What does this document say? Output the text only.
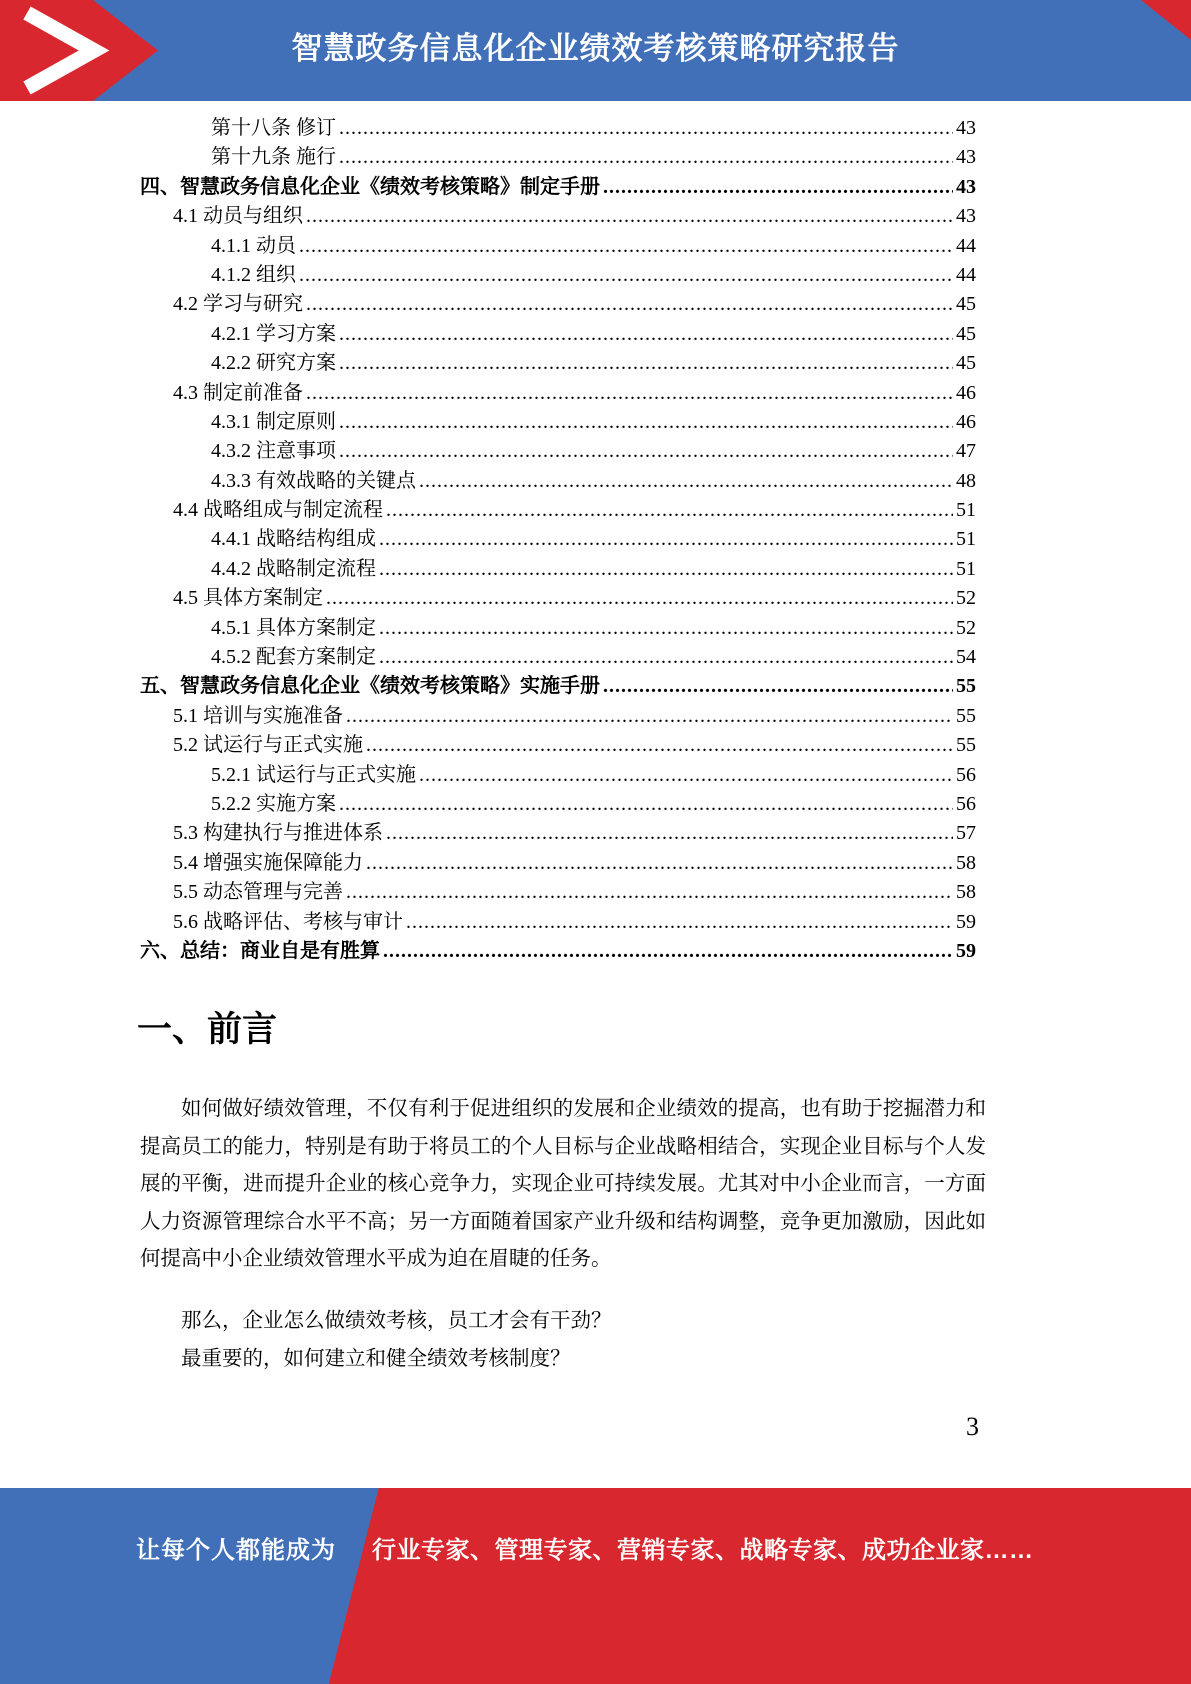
智慧政务信息化企业绩效考核策略研究报告
第十八条 修订 .....	43
第十九条 施行 .....	43
四、智慧政务信息化企业《绩效考核策略》制定手册 .....	43
4.1 动员与组织 .....	43
4.1.1 动员 .....	44
4.1.2 组织 .....	44
4.2 学习与研究 .....	45
4.2.1 学习方案 .....	45
4.2.2 研究方案 .....	45
4.3 制定前准备 .....	46
4.3.1 制定原则 .....	46
4.3.2 注意事项 .....	47
4.3.3 有效战略的关键点 .....	48
4.4 战略组成与制定流程 .....	51
4.4.1 战略结构组成 .....	51
4.4.2 战略制定流程 .....	51
4.5 具体方案制定 .....	52
4.5.1 具体方案制定 .....	52
4.5.2 配套方案制定 .....	54
五、智慧政务信息化企业《绩效考核策略》实施手册 .....	55
5.1 培训与实施准备 .....	55
5.2 试运行与正式实施 .....	55
5.2.1 试运行与正式实施 .....	56
5.2.2 实施方案 .....	56
5.3 构建执行与推进体系 .....	57
5.4 增强实施保障能力 .....	58
5.5 动态管理与完善 .....	58
5.6 战略评估、考核与审计 .....	59
六、总结：商业自是有胜算 .....	59
一、前言

如何做好绩效管理，不仅有利于促进组织的发展和企业绩效的提高，也有助于挖掘潜力和提高员工的能力，特别是有助于将员工的个人目标与企业战略相结合，实现企业目标与个人发展的平衡，进而提升企业的核心竞争力，实现企业可持续发展。尤其对中小企业而言，一方面人力资源管理综合水平不高；另一方面随着国家产业升级和结构调整，竞争更加激励，因此如何提高中小企业绩效管理水平成为迫在眉睫的任务。

那么，企业怎么做绩效考核，员工才会有干劲？

最重要的，如何建立和健全绩效考核制度？

3
让每个人都能成为 行业专家、管理专家、营销专家、战略专家、成功企业家……
